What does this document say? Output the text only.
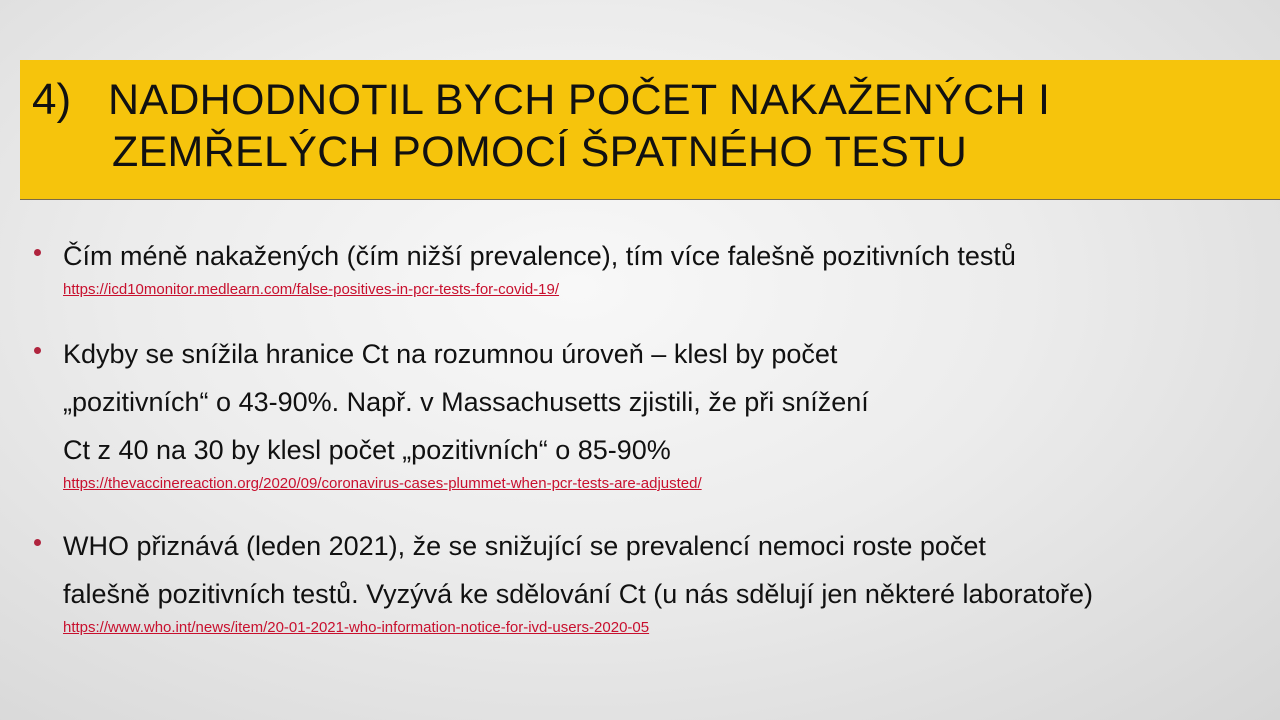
4) NADHODNOTIL BYCH POČET NAKAŽENÝCH I
ZEMŘELÝCH POMOCÍ ŠPATNÉHO TESTU
Čím méně nakažených (čím nižší prevalence), tím více falešně pozitivních testů
https://icd10monitor.medlearn.com/false-positives-in-pcr-tests-for-covid-19/
Kdyby se snížila hranice Ct na rozumnou úroveň – klesl by počet
„pozitivních“ o 43-90%. Např. v Massachusetts zjistili, že při snížení
Ct z 40 na 30 by klesl počet „pozitivních“ o 85-90%
https://thevaccinereaction.org/2020/09/coronavirus-cases-plummet-when-pcr-tests-are-adjusted/
WHO přiznává (leden 2021), že se snižující se prevalencí nemoci roste počet
falešně pozitivních testů. Vyzývá ke sdělování Ct (u nás sdělují jen některé laboratoře)
https://www.who.int/news/item/20-01-2021-who-information-notice-for-ivd-users-2020-05
